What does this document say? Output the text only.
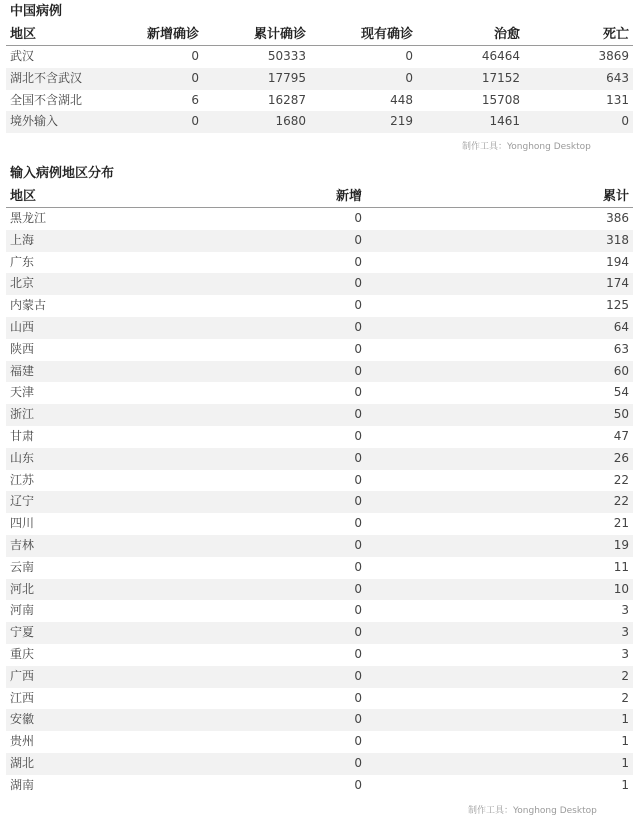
中国病例
地区	新增确诊	累计确诊	现有确诊	治愈	死亡
武汉	0	50333	0	46464	3869
湖北不含武汉	0	17795	0	17152	643
全国不含湖北	6	16287	448	15708	131
境外输入	0	1680	219	1461	0
制作工具：Yonghong Desktop
输入病例地区分布
地区	新增	累计
黑龙江	0	386
上海	0	318
广东	0	194
北京	0	174
内蒙古	0	125
山西	0	64
陕西	0	63
福建	0	60
天津	0	54
浙江	0	50
甘肃	0	47
山东	0	26
江苏	0	22
辽宁	0	22
四川	0	21
吉林	0	19
云南	0	11
河北	0	10
河南	0	3
宁夏	0	3
重庆	0	3
广西	0	2
江西	0	2
安徽	0	1
贵州	0	1
湖北	0	1
湖南	0	1
制作工具：Yonghong Desktop
